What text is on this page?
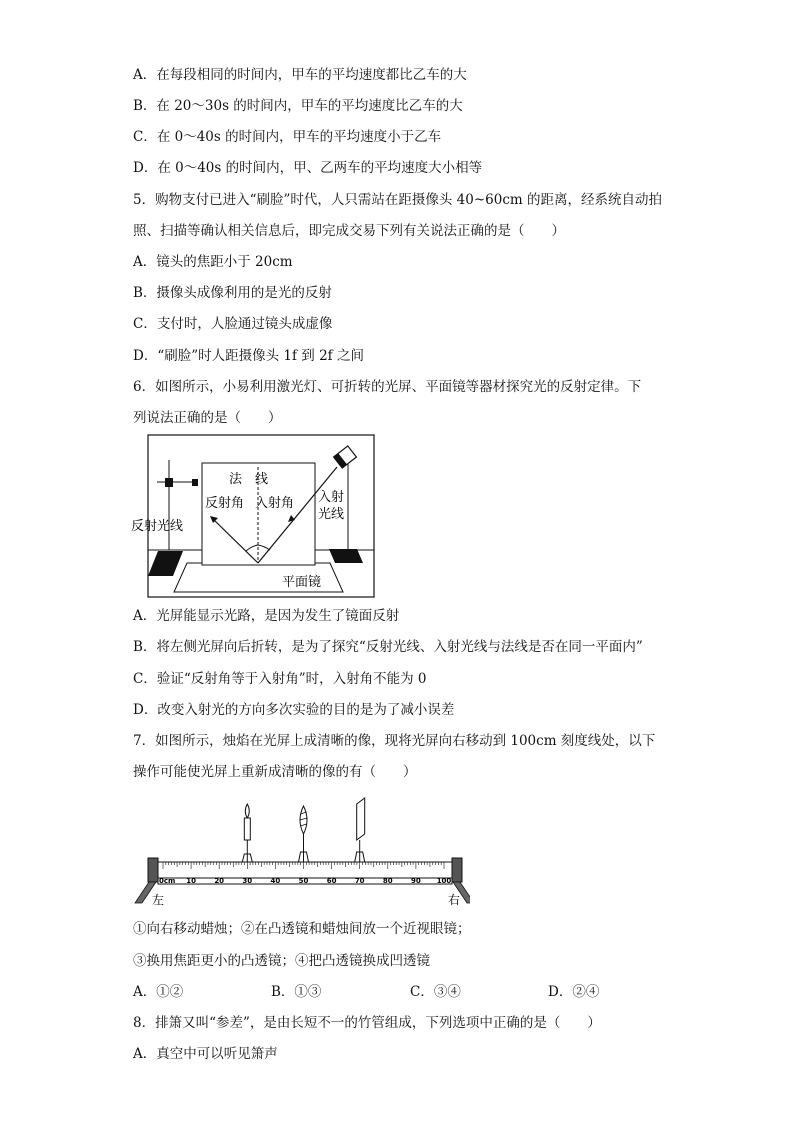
A．在每段相同的时间内，甲车的平均速度都比乙车的大
B．在 20～30s 的时间内，甲车的平均速度比乙车的大
C．在 0～40s 的时间内，甲车的平均速度小于乙车
D．在 0～40s 的时间内，甲、乙两车的平均速度大小相等
5．购物支付已进入“刷脸”时代，人只需站在距摄像头 40~60cm 的距离，经系统自动拍
照、扫描等确认相关信息后，即完成交易下列有关说法正确的是（　　）
A．镜头的焦距小于 20cm
B．摄像头成像利用的是光的反射
C．支付时，人脸通过镜头成虚像
D．“刷脸”时人距摄像头 1f 到 2f 之间
6．如图所示，小易利用激光灯、可折转的光屏、平面镜等器材探究光的反射定律。下
列说法正确的是（　　）
法　线
反射角 入射角 入射
光线
反射光线
平面镜
A．光屏能显示光路，是因为发生了镜面反射
B．将左侧光屏向后折转，是为了探究“反射光线、入射光线与法线是否在同一平面内”
C．验证“反射角等于入射角”时，入射角不能为 0
D．改变入射光的方向多次实验的目的是为了减小误差
7．如图所示，烛焰在光屏上成清晰的像，现将光屏向右移动到 100cm 刻度线处，以下
操作可能使光屏上重新成清晰的像的有（　　）
0cm 10	20	30	40	50	60	70	80	90 100
左	右
①向右移动蜡烛；②在凸透镜和蜡烛间放一个近视眼镜；
③换用焦距更小的凸透镜；④把凸透镜换成凹透镜
A．①②	B．①③	C．③④	D．②④
8．排箫又叫“参差”，是由长短不一的竹管组成，下列选项中正确的是（　　）
A．真空中可以听见箫声
